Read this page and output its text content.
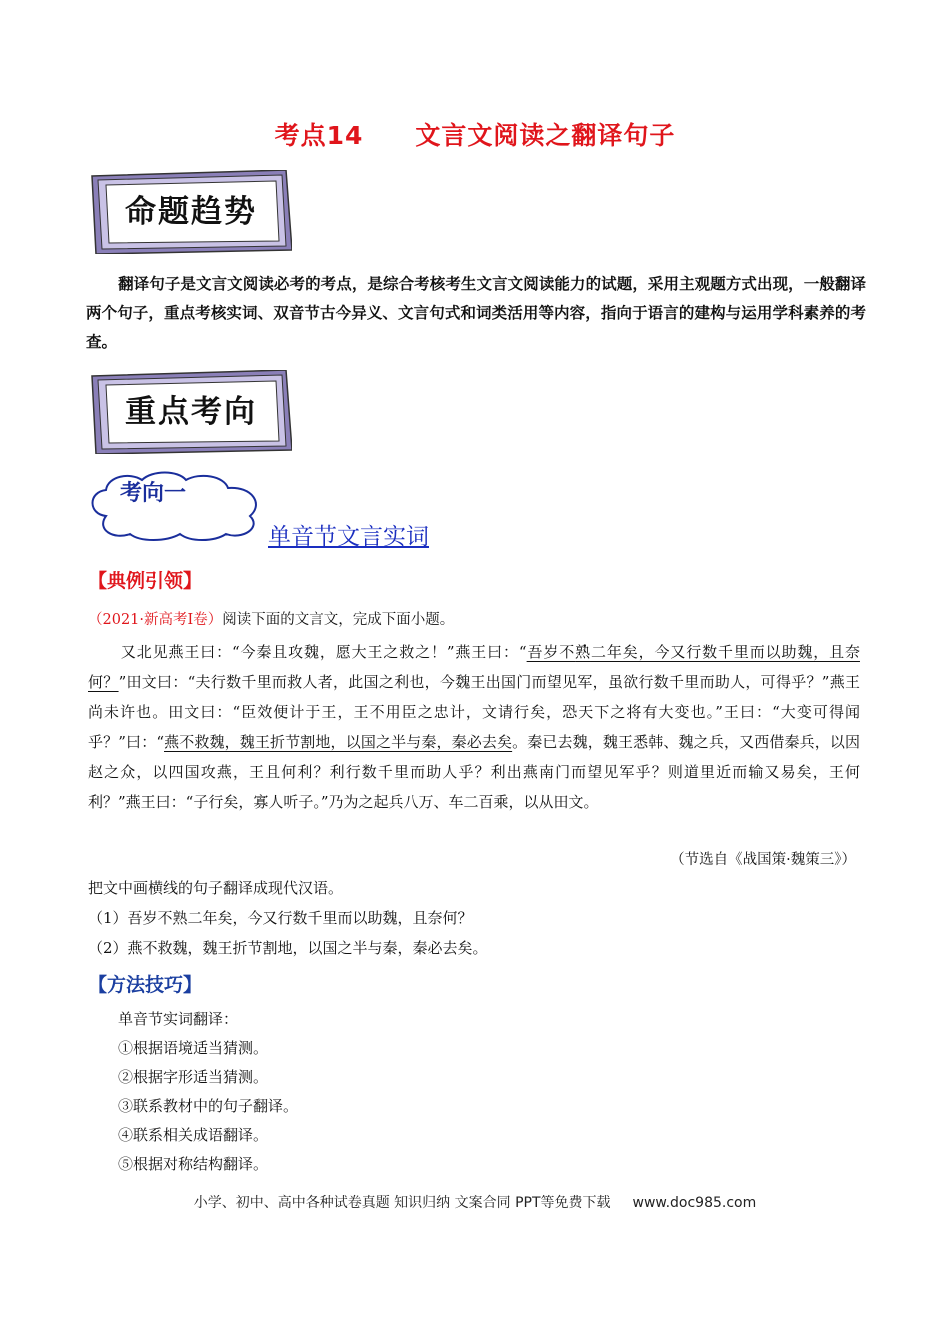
考点14 文言文阅读之翻译句子
命题趋势
翻译句子是文言文阅读必考的考点，是综合考核考生文言文阅读能力的试题，采用主观题方式出现，一般翻译两个句子，重点考核实词、双音节古今异义、文言句式和词类活用等内容，指向于语言的建构与运用学科素养的考查。
重点考向
考向一
单音节文言实词
【典例引领】
（2021·新高考Ⅰ卷）阅读下面的文言文，完成下面小题。
又北见燕王曰：“今秦且攻魏，愿大王之救之！”燕王曰：“吾岁不熟二年矣，今又行数千里而以助魏，且奈何？”田文曰：“夫行数千里而救人者，此国之利也，今魏王出国门而望见军，虽欲行数千里而助人，可得乎？”燕王尚未许也。田文曰：“臣效便计于王，王不用臣之忠计，文请行矣，恐天下之将有大变也。”王曰：“大变可得闻乎？”曰：“燕不救魏，魏王折节割地，以国之半与秦，秦必去矣。秦已去魏，魏王悉韩、魏之兵，又西借秦兵，以因赵之众，以四国攻燕，王且何利？利行数千里而助人乎？利出燕南门而望见军乎？则道里近而输又易矣，王何利？”燕王曰：“子行矣，寡人听子。”乃为之起兵八万、车二百乘，以从田文。
（节选自《战国策·魏策三》）
把文中画横线的句子翻译成现代汉语。
（1）吾岁不熟二年矣，今又行数千里而以助魏，且奈何？
（2）燕不救魏，魏王折节割地，以国之半与秦，秦必去矣。
【方法技巧】
单音节实词翻译：
①根据语境适当猜测。
②根据字形适当猜测。
③联系教材中的句子翻译。
④联系相关成语翻译。
⑤根据对称结构翻译。
小学、初中、高中各种试卷真题 知识归纳 文案合同 PPT等免费下载 www.doc985.com
